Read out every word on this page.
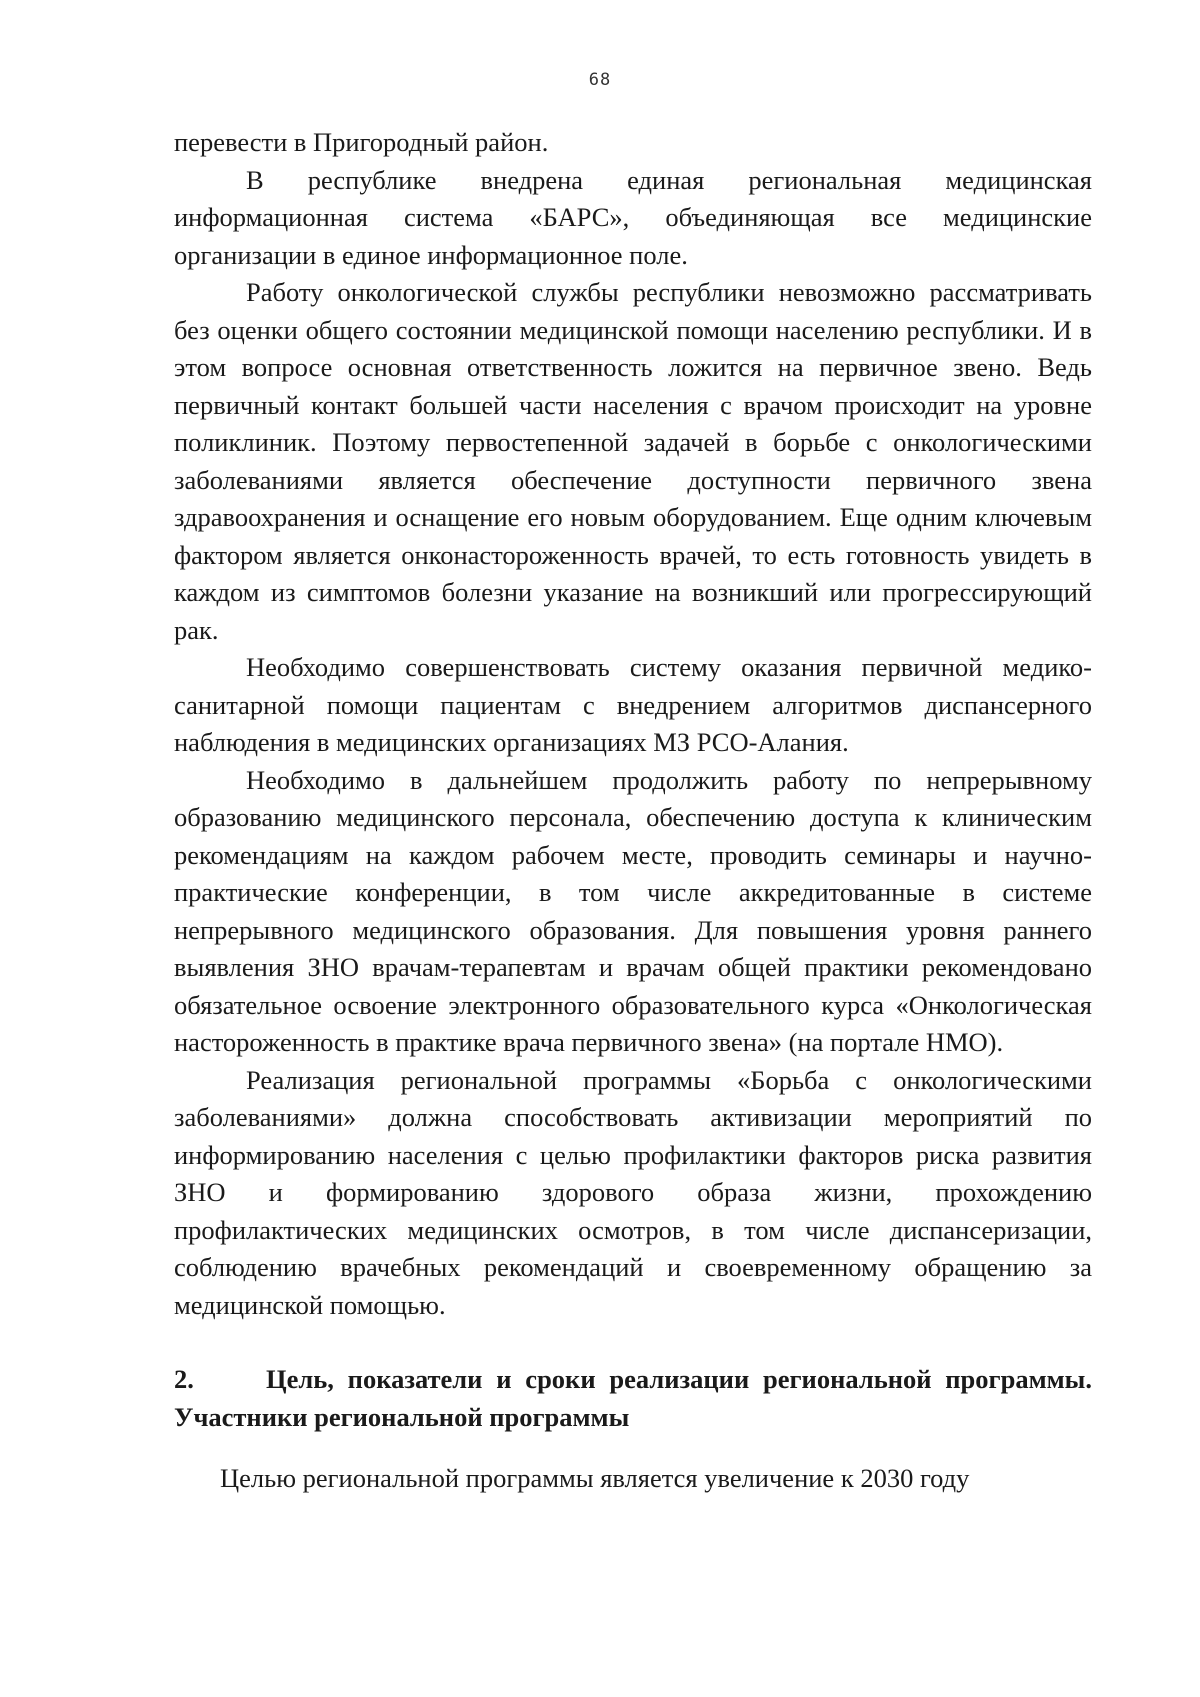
68

перевести в Пригородный район.

В республике внедрена единая региональная медицинская информационная система «БАРС», объединяющая все медицинские организации в единое информационное поле.

Работу онкологической службы республики невозможно рассматривать без оценки общего состоянии медицинской помощи населению республики. И в этом вопросе основная ответственность ложится на первичное звено. Ведь первичный контакт большей части населения с врачом происходит на уровне поликлиник. Поэтому первостепенной задачей в борьбе с онкологическими заболеваниями является обеспечение доступности первичного звена здравоохранения и оснащение его новым оборудованием. Еще одним ключевым фактором является онконастороженность врачей, то есть готовность увидеть в каждом из симптомов болезни указание на возникший или прогрессирующий рак.

Необходимо совершенствовать систему оказания первичной медико-санитарной помощи пациентам с внедрением алгоритмов диспансерного наблюдения в медицинских организациях МЗ РСО-Алания.

Необходимо в дальнейшем продолжить работу по непрерывному образованию медицинского персонала, обеспечению доступа к клиническим рекомендациям на каждом рабочем месте, проводить семинары и научно-практические конференции, в том числе аккредитованные в системе непрерывного медицинского образования. Для повышения уровня раннего выявления ЗНО врачам-терапевтам и врачам общей практики рекомендовано обязательное освоение электронного образовательного курса «Онкологическая настороженность в практике врача первичного звена» (на портале НМО).

Реализация региональной программы «Борьба с онкологическими заболеваниями» должна способствовать активизации мероприятий по информированию населения с целью профилактики факторов риска развития ЗНО и формированию здорового образа жизни, прохождению профилактических медицинских осмотров, в том числе диспансеризации, соблюдению врачебных рекомендаций и своевременному обращению за медицинской помощью.

2.	Цель, показатели и сроки реализации региональной программы. Участники региональной программы

Целью региональной программы является увеличение к 2030 году
